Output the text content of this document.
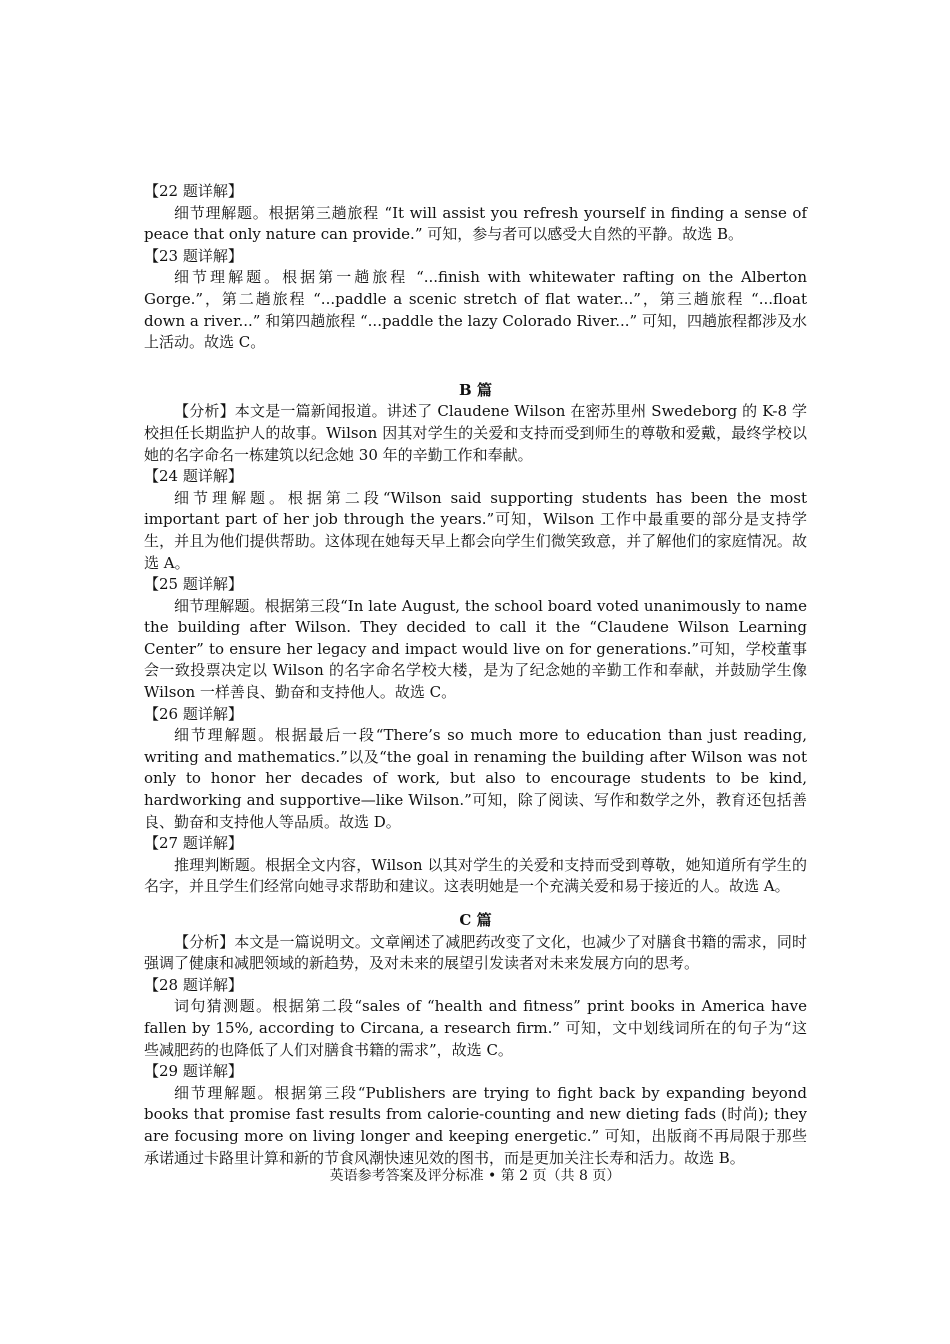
【22 题详解】

细节理解题。根据第三趟旅程 “It will assist you refresh yourself in finding a sense of peace that only nature can provide.” 可知，参与者可以感受大自然的平静。故选 B。

【23 题详解】

细节理解题。根据第一趟旅程 “...finish with whitewater rafting on the Alberton Gorge.”，第二趟旅程 “...paddle a scenic stretch of flat water...”，第三趟旅程 “...float down a river...” 和第四趟旅程 “...paddle the lazy Colorado River...” 可知，四趟旅程都涉及水上活动。故选 C。

B 篇

【分析】本文是一篇新闻报道。讲述了 Claudene Wilson 在密苏里州 Swedeborg 的 K-8 学校担任长期监护人的故事。Wilson 因其对学生的关爱和支持而受到师生的尊敬和爱戴，最终学校以她的名字命名一栋建筑以纪念她 30 年的辛勤工作和奉献。

【24 题详解】

细节理解题。根据第二段“Wilson said supporting students has been the most important part of her job through the years.”可知，Wilson 工作中最重要的部分是支持学生，并且为他们提供帮助。这体现在她每天早上都会向学生们微笑致意，并了解他们的家庭情况。故选 A。

【25 题详解】

细节理解题。根据第三段“In late August, the school board voted unanimously to name the building after Wilson. They decided to call it the “Claudene Wilson Learning Center” to ensure her legacy and impact would live on for generations.”可知，学校董事会一致投票决定以 Wilson 的名字命名学校大楼，是为了纪念她的辛勤工作和奉献，并鼓励学生像 Wilson 一样善良、勤奋和支持他人。故选 C。

【26 题详解】

细节理解题。根据最后一段“There’s so much more to education than just reading, writing and mathematics.”以及“the goal in renaming the building after Wilson was not only to honor her decades of work, but also to encourage students to be kind, hardworking and supportive—like Wilson.”可知，除了阅读、写作和数学之外，教育还包括善良、勤奋和支持他人等品质。故选 D。

【27 题详解】

推理判断题。根据全文内容，Wilson 以其对学生的关爱和支持而受到尊敬，她知道所有学生的名字，并且学生们经常向她寻求帮助和建议。这表明她是一个充满关爱和易于接近的人。故选 A。

C 篇

【分析】本文是一篇说明文。文章阐述了减肥药改变了文化，也减少了对膳食书籍的需求，同时强调了健康和减肥领域的新趋势，及对未来的展望引发读者对未来发展方向的思考。

【28 题详解】

词句猜测题。根据第二段“sales of “health and fitness” print books in America have fallen by 15%, according to Circana, a research firm.” 可知，文中划线词所在的句子为“这些减肥药的也降低了人们对膳食书籍的需求”，故选 C。

【29 题详解】

细节理解题。根据第三段“Publishers are trying to fight back by expanding beyond books that promise fast results from calorie-counting and new dieting fads (时尚); they are focusing more on living longer and keeping energetic.” 可知，出版商不再局限于那些承诺通过卡路里计算和新的节食风潮快速见效的图书，而是更加关注长寿和活力。故选 B。

英语参考答案及评分标准 • 第 2 页（共 8 页）
